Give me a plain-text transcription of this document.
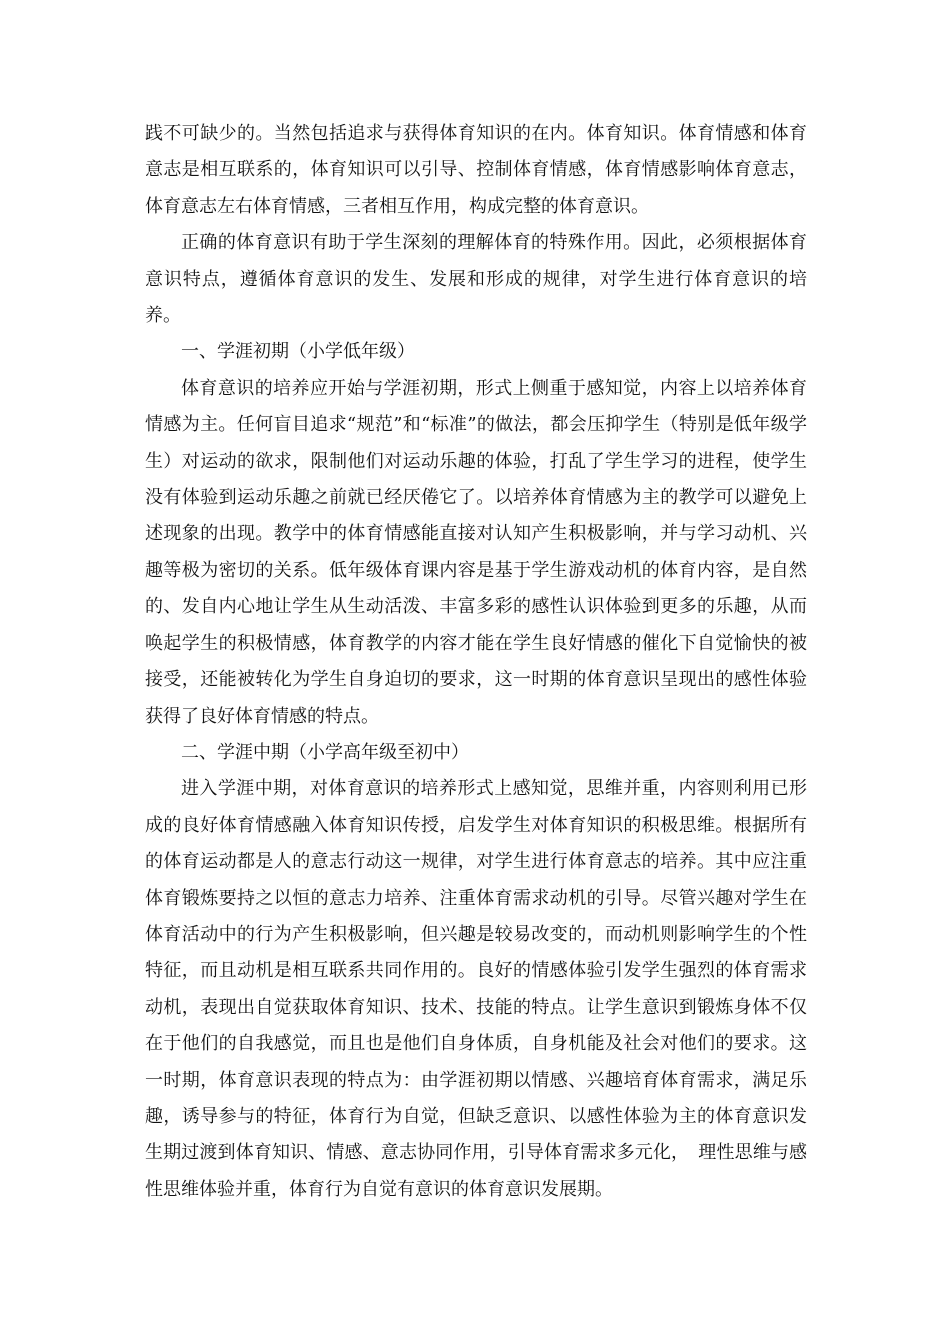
践不可缺少的。当然包括追求与获得体育知识的在内。体育知识。体育情感和体育意志是相互联系的，体育知识可以引导、控制体育情感，体育情感影响体育意志，体育意志左右体育情感，三者相互作用，构成完整的体育意识。

正确的体育意识有助于学生深刻的理解体育的特殊作用。因此，必须根据体育意识特点，遵循体育意识的发生、发展和形成的规律，对学生进行体育意识的培养。

一、学涯初期（小学低年级）

体育意识的培养应开始与学涯初期，形式上侧重于感知觉，内容上以培养体育情感为主。任何盲目追求“规范”和“标准”的做法，都会压抑学生（特别是低年级学生）对运动的欲求，限制他们对运动乐趣的体验，打乱了学生学习的进程，使学生没有体验到运动乐趣之前就已经厌倦它了。以培养体育情感为主的教学可以避免上述现象的出现。教学中的体育情感能直接对认知产生积极影响，并与学习动机、兴趣等极为密切的关系。低年级体育课内容是基于学生游戏动机的体育内容，是自然的、发自内心地让学生从生动活泼、丰富多彩的感性认识体验到更多的乐趣，从而唤起学生的积极情感，体育教学的内容才能在学生良好情感的催化下自觉愉快的被接受，还能被转化为学生自身迫切的要求，这一时期的体育意识呈现出的感性体验获得了良好体育情感的特点。

二、学涯中期（小学高年级至初中）

进入学涯中期，对体育意识的培养形式上感知觉，思维并重，内容则利用已形成的良好体育情感融入体育知识传授，启发学生对体育知识的积极思维。根据所有的体育运动都是人的意志行动这一规律，对学生进行体育意志的培养。其中应注重体育锻炼要持之以恒的意志力培养、注重体育需求动机的引导。尽管兴趣对学生在体育活动中的行为产生积极影响，但兴趣是较易改变的，而动机则影响学生的个性特征，而且动机是相互联系共同作用的。良好的情感体验引发学生强烈的体育需求动机，表现出自觉获取体育知识、技术、技能的特点。让学生意识到锻炼身体不仅在于他们的自我感觉，而且也是他们自身体质，自身机能及社会对他们的要求。这一时期，体育意识表现的特点为：由学涯初期以情感、兴趣培育体育需求，满足乐趣，诱导参与的特征，体育行为自觉，但缺乏意识、以感性体验为主的体育意识发生期过渡到体育知识、情感、意志协同作用，引导体育需求多元化，　理性思维与感性思维体验并重，体育行为自觉有意识的体育意识发展期。
